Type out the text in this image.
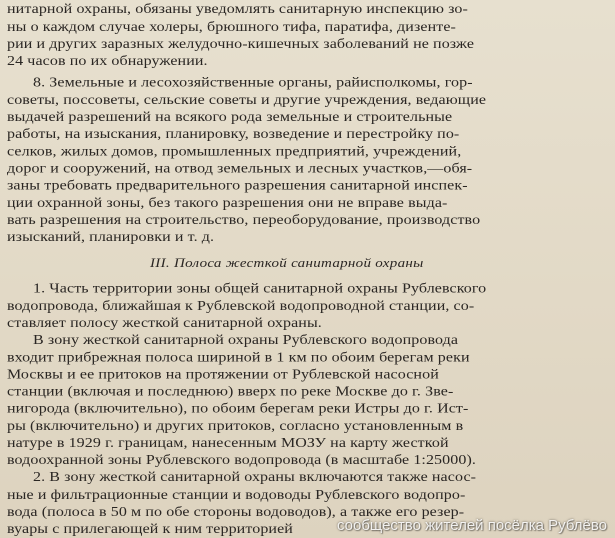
нитарной охраны, обязаны уведомлять санитарную инспекцию зо-
ны о каждом случае холеры, брюшного тифа, паратифа, дизенте-
рии и других заразных желудочно-кишечных заболеваний не позже
24 часов по их обнаружении.
8. Земельные и лесохозяйственные органы, райисполкомы, гор-
советы, поссоветы, сельские советы и другие учреждения, ведающие
выдачей разрешений на всякого рода земельные и строительные
работы, на изыскания, планировку, возведение и перестройку по-
селков, жилых домов, промышленных предприятий, учреждений,
дорог и сооружений, на отвод земельных и лесных участков,—обя-
заны требовать предварительного разрешения санитарной инспек-
ции охранной зоны, без такого разрешения они не вправе выда-
вать разрешения на строительство, переоборудование, производство
изысканий, планировки и т. д.
III. Полоса жесткой санитарной охраны
1. Часть территории зоны общей санитарной охраны Рублевского
водопровода, ближайшая к Рублевской водопроводной станции, со-
ставляет полосу жесткой санитарной охраны.
В зону жесткой санитарной охраны Рублевского водопровода
входит прибрежная полоса шириной в 1 км по обоим берегам реки
Москвы и ее притоков на протяжении от Рублевской насосной
станции (включая и последнюю) вверх по реке Москве до г. Зве-
нигорода (включительно), по обоим берегам реки Истры до г. Ист-
ры (включительно) и других притоков, согласно установленным в
натуре в 1929 г. границам, нанесенным МОЗУ на карту жесткой
водоохранной зоны Рублевского водопровода (в масштабе 1:25000).
2. В зону жесткой санитарной охраны включаются также насос-
ные и фильтрационные станции и водоводы Рублевского водопро-
вода (полоса в 50 м по обе стороны водоводов), а также его резер-
вуары с прилегающей к ним территорией	сообщество жителей посёлка Рублёво
